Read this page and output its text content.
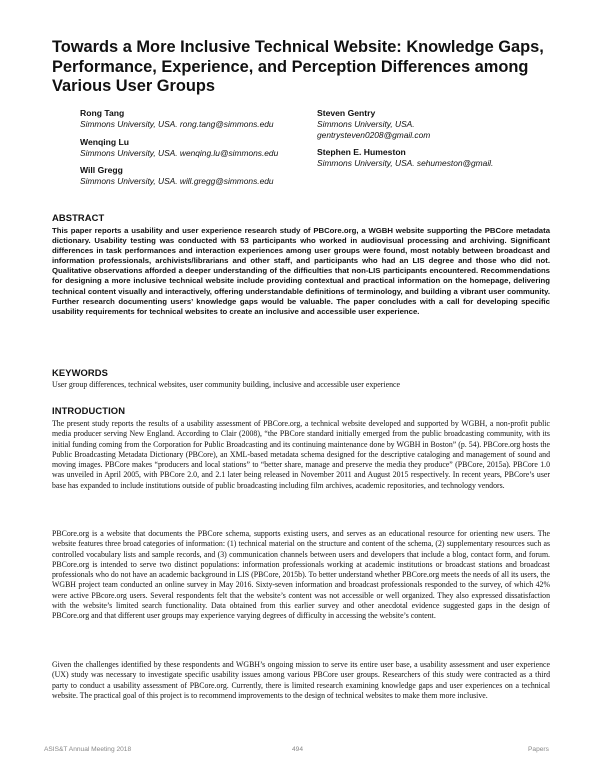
Towards a More Inclusive Technical Website: Knowledge Gaps, Performance, Experience, and Perception Differences among Various User Groups
Rong Tang
Simmons University, USA. rong.tang@simmons.edu
Wenqing Lu
Simmons University, USA. wenqing.lu@simmons.edu
Will Gregg
Simmons University, USA. will.gregg@simmons.edu
Steven Gentry
Simmons University, USA.
gentrysteven0208@gmail.com
Stephen E. Humeston
Simmons University, USA. sehumeston@gmail.
ABSTRACT

This paper reports a usability and user experience research study of PBCore.org, a WGBH website supporting the PBCore metadata dictionary. Usability testing was conducted with 53 participants who worked in audiovisual processing and archiving. Significant differences in task performances and interaction experiences among user groups were found, most notably between broadcast and information professionals, archivists/librarians and other staff, and participants who had an LIS degree and those who did not. Qualitative observations afforded a deeper understanding of the difficulties that non-LIS participants encountered. Recommendations for designing a more inclusive technical website include providing contextual and practical information on the homepage, delivering technical content visually and interactively, offering understandable definitions of terminology, and building a vibrant user community. Further research documenting users’ knowledge gaps would be valuable. The paper concludes with a call for developing specific usability requirements for technical websites to create an inclusive and accessible user experience.

KEYWORDS

User group differences, technical websites, user community building, inclusive and accessible user experience

INTRODUCTION

The present study reports the results of a usability assessment of PBCore.org, a technical website developed and supported by WGBH, a non-profit public media producer serving New England. According to Clair (2008), “the PBCore standard initially emerged from the public broadcasting community, with its initial funding coming from the Corporation for Public Broadcasting and its continuing maintenance done by WGBH in Boston” (p. 54). PBCore.org hosts the Public Broadcasting Metadata Dictionary (PBCore), an XML-based metadata schema designed for the descriptive cataloging and management of sound and moving images. PBCore makes “producers and local stations” to “better share, manage and preserve the media they produce” (PBCore, 2015a). PBCore 1.0 was unveiled in April 2005, with PBCore 2.0, and 2.1 later being released in November 2011 and August 2015 respectively. In recent years, PBCore’s user base has expanded to include institutions outside of public broadcasting including film archives, academic repositories, and technology vendors.

PBCore.org is a website that documents the PBCore schema, supports existing users, and serves as an educational resource for orienting new users. The website features three broad categories of information: (1) technical material on the structure and content of the schema, (2) supplementary resources such as controlled vocabulary lists and sample records, and (3) communication channels between users and developers that include a blog, contact form, and forum. PBCore.org is intended to serve two distinct populations: information professionals working at academic institutions or broadcast stations and broadcast professionals who do not have an academic background in LIS (PBCore, 2015b). To better understand whether PBCore.org meets the needs of all its users, the WGBH project team conducted an online survey in May 2016. Sixty-seven information and broadcast professionals responded to the survey, of which 42% were active PBcore.org users. Several respondents felt that the website’s content was not accessible or well organized. They also expressed dissatisfaction with the website’s limited search functionality. Data obtained from this earlier survey and other anecdotal evidence suggested gaps in the design of PBCore.org and that different user groups may experience varying degrees of difficulty in accessing the website’s content.

Given the challenges identified by these respondents and WGBH’s ongoing mission to serve its entire user base, a usability assessment and user experience (UX) study was necessary to investigate specific usability issues among various PBCore user groups. Researchers of this study were contracted as a third party to conduct a usability assessment of PBCore.org. Currently, there is limited research examining knowledge gaps and user experiences on a technical website. The practical goal of this project is to recommend improvements to the design of technical websites to make them more inclusive.

ASIS&T Annual Meeting 2018	494	Papers
